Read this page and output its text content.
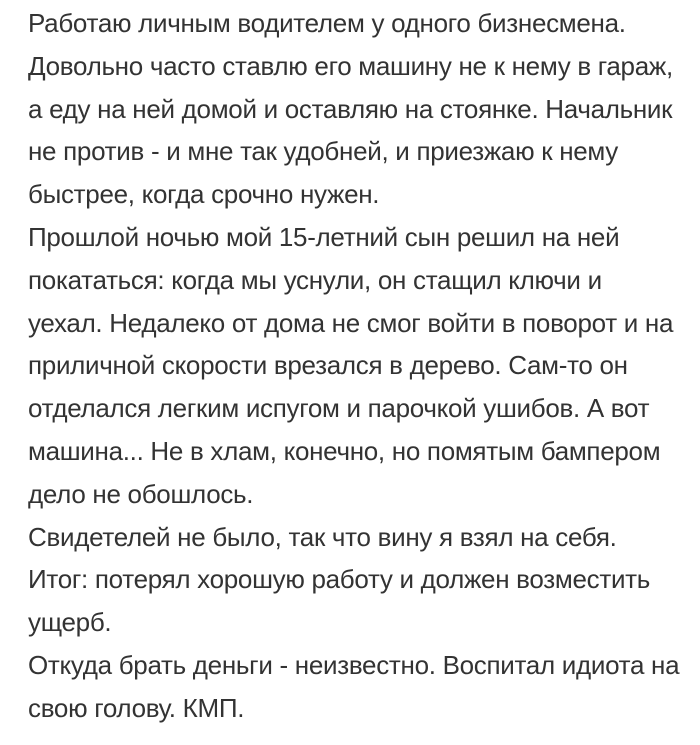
Работаю личным водителем у одного бизнесмена.
Довольно часто ставлю его машину не к нему в гараж,
а еду на ней домой и оставляю на стоянке. Начальник
не против - и мне так удобней, и приезжаю к нему
быстрее, когда срочно нужен.
Прошлой ночью мой 15-летний сын решил на ней
покататься: когда мы уснули, он стащил ключи и
уехал. Недалеко от дома не смог войти в поворот и на
приличной скорости врезался в дерево. Сам-то он
отделался легким испугом и парочкой ушибов. А вот
машина... Не в хлам, конечно, но помятым бампером
дело не обошлось.
Свидетелей не было, так что вину я взял на себя.
Итог: потерял хорошую работу и должен возместить
ущерб.
Откуда брать деньги - неизвестно. Воспитал идиота на
свою голову. КМП.
